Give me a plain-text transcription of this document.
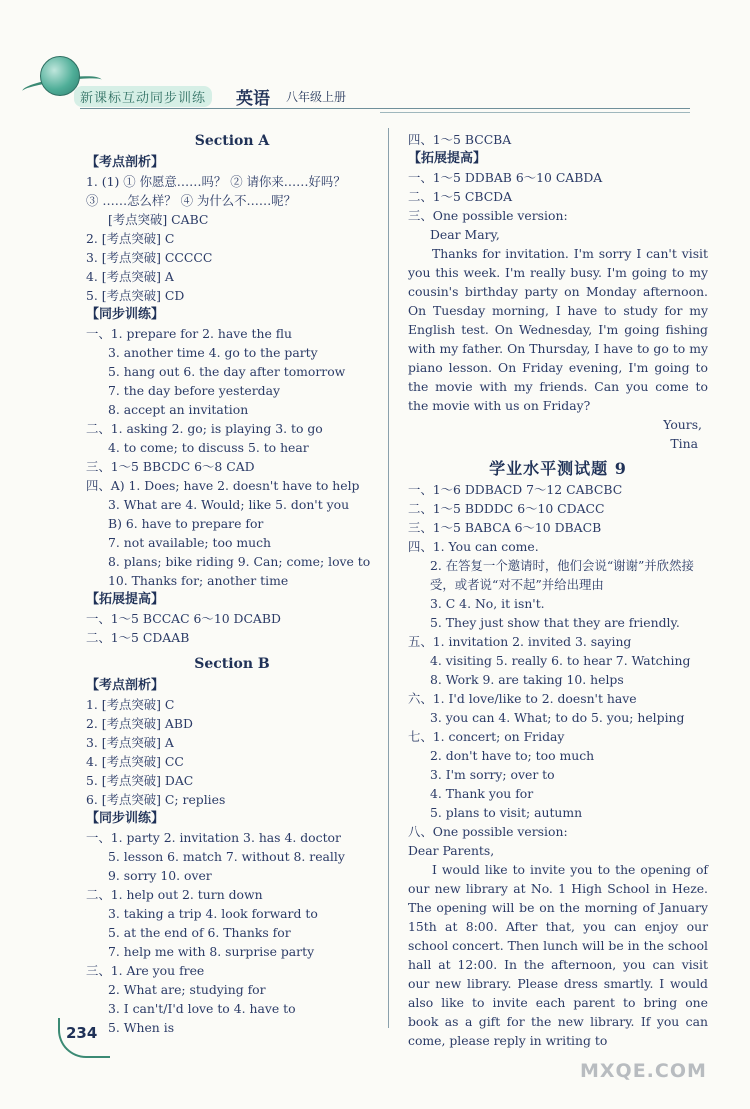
新课标互动同步训练	英语 八年级上册
Section A
【考点剖析】
1. (1) ① 你愿意……吗？ ② 请你来……好吗？
③ ……怎么样？ ④ 为什么不……呢？
[考点突破] CABC
2. [考点突破] C
3. [考点突破] CCCCC
4. [考点突破] A
5. [考点突破] CD
【同步训练】
一、1. prepare for 2. have the flu
3. another time 4. go to the party
5. hang out 6. the day after tomorrow
7. the day before yesterday
8. accept an invitation
二、1. asking 2. go; is playing 3. to go
4. to come; to discuss 5. to hear
三、1～5 BBCDC 6～8 CAD
四、A) 1. Does; have 2. doesn't have to help
3. What are 4. Would; like 5. don't you
B) 6. have to prepare for
7. not available; too much
8. plans; bike riding 9. Can; come; love to
10. Thanks for; another time
【拓展提高】
一、1～5 BCCAC 6～10 DCABD
二、1～5 CDAAB
Section B
【考点剖析】
1. [考点突破] C
2. [考点突破] ABD
3. [考点突破] A
4. [考点突破] CC
5. [考点突破] DAC
6. [考点突破] C; replies
【同步训练】
一、1. party 2. invitation 3. has 4. doctor
5. lesson 6. match 7. without 8. really
9. sorry 10. over
二、1. help out 2. turn down
3. taking a trip 4. look forward to
5. at the end of 6. Thanks for
7. help me with 8. surprise party
三、1. Are you free
2. What are; studying for
3. I can't/I'd love to 4. have to
5. When is
四、1～5 BCCBA
【拓展提高】
一、1～5 DDBAB 6～10 CABDA
二、1～5 CBCDA
三、One possible version:
Dear Mary,
Thanks for invitation. I'm sorry I can't visit you this week. I'm really busy. I'm going to my cousin's birthday party on Monday afternoon. On Tuesday morning, I have to study for my English test. On Wednesday, I'm going fishing with my father. On Thursday, I have to go to my piano lesson. On Friday evening, I'm going to the movie with my friends. Can you come to the movie with us on Friday?
Yours,
Tina
学业水平测试题 9
一、1～6 DDBACD 7～12 CABCBC
二、1～5 BDDDC 6～10 CDACC
三、1～5 BABCA 6～10 DBACB
四、1. You can come.
2. 在答复一个邀请时，他们会说“谢谢”并欣然接
受，或者说“对不起”并给出理由
3. C 4. No, it isn't.
5. They just show that they are friendly.
五、1. invitation 2. invited 3. saying
4. visiting 5. really 6. to hear 7. Watching
8. Work 9. are taking 10. helps
六、1. I'd love/like to 2. doesn't have
3. you can 4. What; to do 5. you; helping
七、1. concert; on Friday
2. don't have to; too much
3. I'm sorry; over to
4. Thank you for
5. plans to visit; autumn
八、One possible version:
Dear Parents,
I would like to invite you to the opening of our new library at No. 1 High School in Heze. The opening will be on the morning of January 15th at 8:00. After that, you can enjoy our school concert. Then lunch will be in the school hall at 12:00. In the afternoon, you can visit our new library. Please dress smartly. I would also like to invite each parent to bring one book as a gift for the new library. If you can come, please reply in writing to
234
MXQE.COM
